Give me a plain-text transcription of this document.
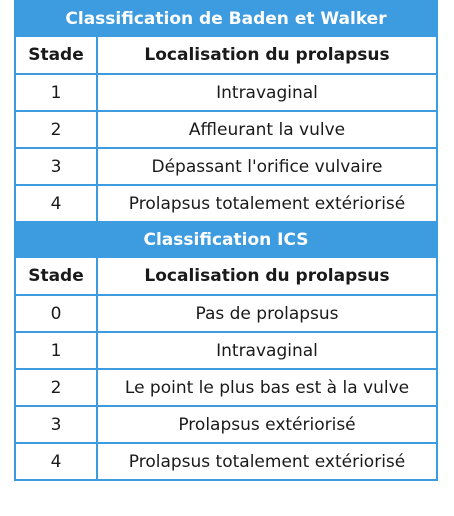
Classification de Baden et Walker	
Stade	Localisation du prolapsus
1	Intravaginal
2	Affleurant la vulve
3	Dépassant l'orifice vulvaire
4	Prolapsus totalement extériorisé
Classification ICS	
Stade	Localisation du prolapsus
0	Pas de prolapsus
1	Intravaginal
2	Le point le plus bas est à la vulve
3	Prolapsus extériorisé
4	Prolapsus totalement extériorisé
